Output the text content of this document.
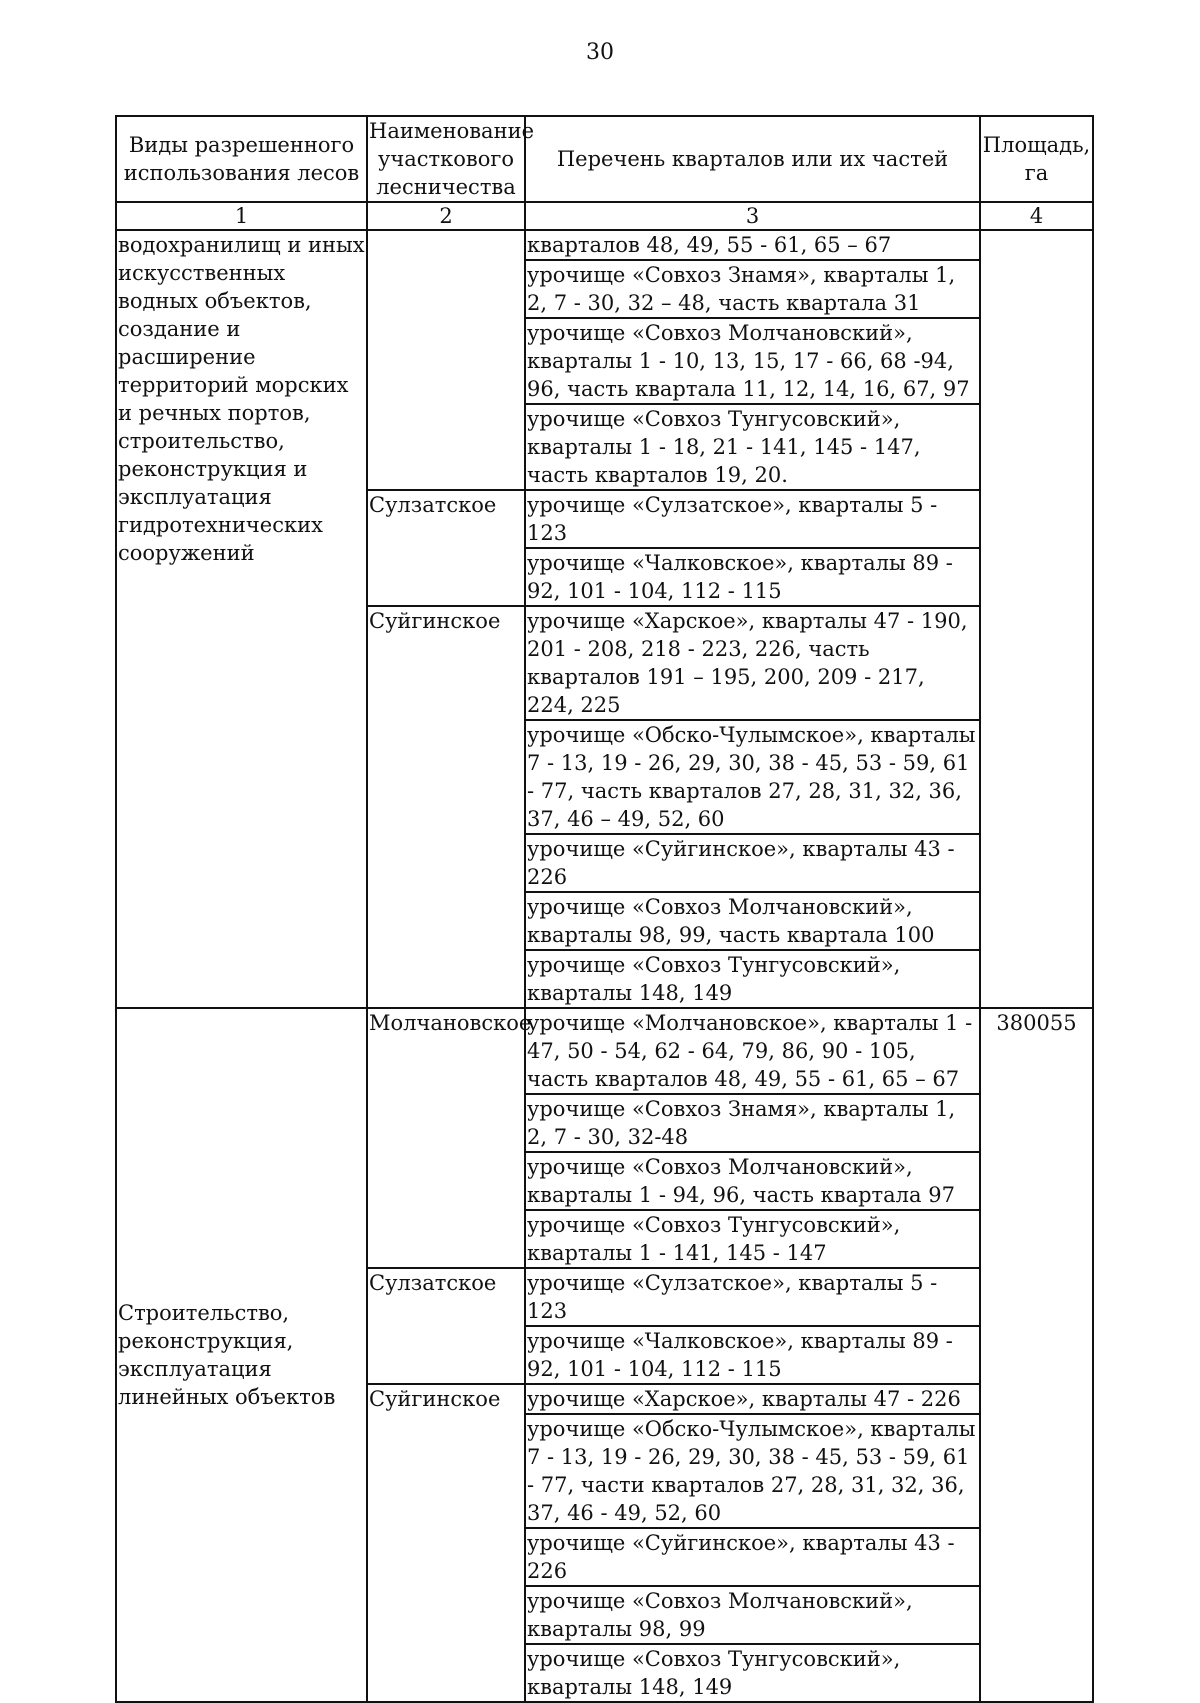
30
Виды разрешенного использования лесов	Наименование участкового лесничества	Перечень кварталов или их частей	Площадь, га
1	2	3	4
водохранилищ и иных искусственных водных объектов, создание и расширение территорий морских и речных портов, строительство, реконструкция и эксплуатация гидротехнических сооружений		кварталов 48, 49, 55 - 61, 65 – 67	
		урочище «Совхоз Знамя», кварталы 1, 2, 7 - 30, 32 – 48, часть квартала 31	
		урочище «Совхоз Молчановский», кварталы 1 - 10, 13, 15, 17 - 66, 68 -94, 96, часть квартала 11, 12, 14, 16, 67, 97	
		урочище «Совхоз Тунгусовский», кварталы 1 - 18, 21 - 141, 145 - 147, часть кварталов 19, 20.	
	Сулзатское	урочище «Сулзатское», кварталы 5 - 123	
		урочище «Чалковское», кварталы 89 - 92, 101 - 104, 112 - 115	
	Суйгинское	урочище «Харское», кварталы 47 - 190, 201 - 208, 218 - 223, 226, часть кварталов 191 – 195, 200, 209 - 217, 224, 225	
		урочище «Обско-Чулымское», кварталы 7 - 13, 19 - 26, 29, 30, 38 - 45, 53 - 59, 61 - 77, часть кварталов 27, 28, 31, 32, 36, 37, 46 – 49, 52, 60	
		урочище «Суйгинское», кварталы 43 - 226	
		урочище «Совхоз Молчановский», кварталы 98, 99, часть квартала 100	
		урочище «Совхоз Тунгусовский», кварталы 148, 149	
Строительство, реконструкция, эксплуатация линейных объектов	Молчановское	урочище «Молчановское», кварталы 1 - 47, 50 - 54, 62 - 64, 79, 86, 90 - 105, часть кварталов 48, 49, 55 - 61, 65 – 67	380055
		урочище «Совхоз Знамя», кварталы 1, 2, 7 - 30, 32-48	
		урочище «Совхоз Молчановский», кварталы 1 - 94, 96, часть квартала 97	
		урочище «Совхоз Тунгусовский», кварталы 1 - 141, 145 - 147	
	Сулзатское	урочище «Сулзатское», кварталы 5 - 123	
		урочище «Чалковское», кварталы 89 - 92, 101 - 104, 112 - 115	
	Суйгинское	урочище «Харское», кварталы 47 - 226	
		урочище «Обско-Чулымское», кварталы 7 - 13, 19 - 26, 29, 30, 38 - 45, 53 - 59, 61 - 77, части кварталов 27, 28, 31, 32, 36, 37, 46 - 49, 52, 60	
		урочище «Суйгинское», кварталы 43 - 226	
		урочище «Совхоз Молчановский», кварталы 98, 99	
		урочище «Совхоз Тунгусовский», кварталы 148, 149	
